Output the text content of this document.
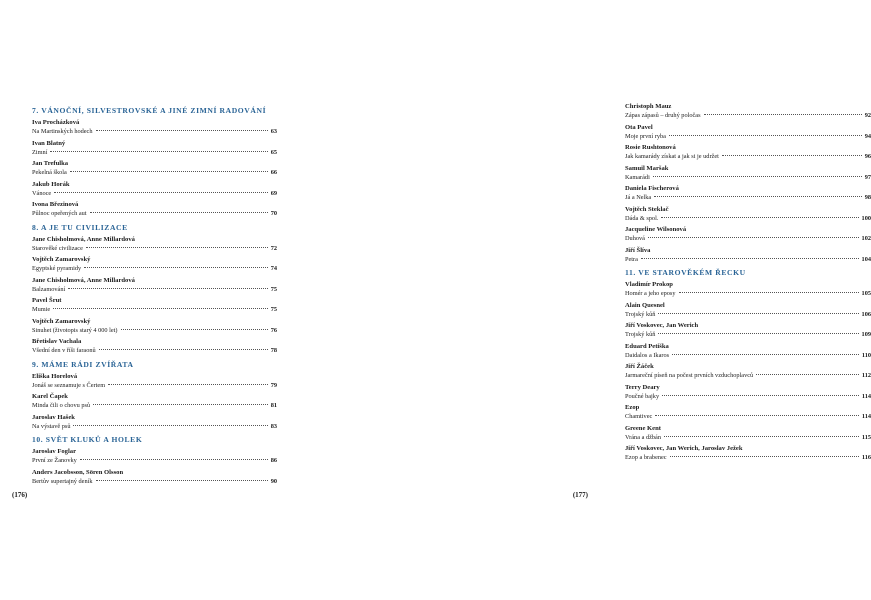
7. VÁNOČNÍ, SILVESTROVSKÉ A JINÉ ZIMNÍ RADOVÁNÍ
Iva Procházková
Na Martinských hodech	63
Ivan Blatný
Zimní	65
Jan Trefulka
Pekelná škola	66
Jakub Horák
Vánoce	69
Ivona Březinová
Půlnoc opeřených aut	70
8. A JE TU CIVILIZACE
Jane Chisholmová, Anne Millardová
Starověké civilizace	72
Vojtěch Zamarovský
Egyptské pyramidy	74
Jane Chisholmová, Anne Millardová
Balzamování	75
Pavel Šrut
Mumie	75
Vojtěch Zamarovský
Sinuhet (životopis starý 4 000 let)	76
Břetislav Vachala
Všední den v říši faraonů	78
9. MÁME RÁDI ZVÍŘATA
Eliška Horelová
Jonáš se seznamuje s Čertem	79
Karel Čapek
Minda čili o chovu psů	81
Jaroslav Hašek
Na výstavě psů	83
10. SVĚT KLUKŮ A HOLEK
Jaroslav Foglar
První ze Žanovky	86
Anders Jacobsson, Sören Olsson
Bertův supertajný deník	90
(176)
Christoph Mauz
Zápas zápasů – druhý poločas	92
Ota Pavel
Moje první ryba	94
Rosie Rushtonová
Jak kamarády získat a jak si je udržet	96
Samuil Maršak
Kamarádi	97
Daniela Fischerová
Já a Nelka	98
Vojtěch Steklač
Dáda & spol.	100
Jacqueline Wilsonová
Duhová	102
Jiří Šlíva
Petra	104
11. VE STAROVĚKÉM ŘECKU
Vladimír Prokop
Homér a jeho eposy	105
Alain Quesnel
Trojský kůň	106
Jiří Voskovec, Jan Werich
Trojský kůň	109
Eduard Petiška
Daidalos a Ikaros	110
Jiří Žáček
Jarmareční píseň na počest prvních vzduchoplavců	112
Terry Deary
Poučné bajky	114
Ezop
Chamtivec	114
Greene Kent
Vrána a džbán	115
Jiří Voskovec, Jan Werich, Jaroslav Ježek
Ezop a brabenec	116
(177)
